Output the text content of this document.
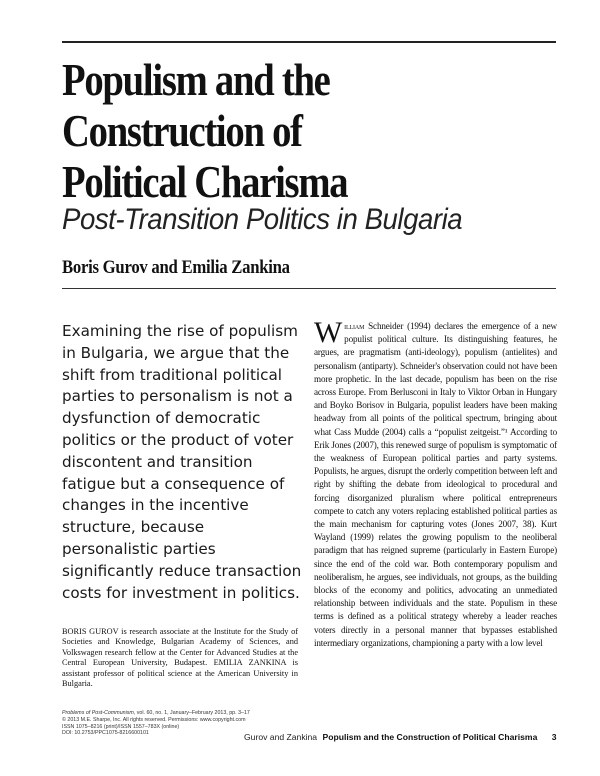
Populism and the
Construction of
Political Charisma
Post-Transition Politics in Bulgaria
Boris Gurov and Emilia Zankina

Examining the rise of populism in Bulgaria, we argue that the shift from traditional political parties to personalism is not a dysfunction of democratic politics or the product of voter discontent and transition fatigue but a consequence of changes in the incentive structure, because personalistic parties significantly reduce transaction costs for investment in politics.

BORIS GUROV is research associate at the Institute for the Study of Societies and Knowledge, Bulgarian Academy of Sciences, and Volkswagen research fellow at the Center for Advanced Studies at the Central European University, Budapest. EMILIA ZANKINA is assistant professor of political science at the American University in Bulgaria.

William Schneider (1994) declares the emergence of a new populist political culture. Its distinguishing features, he argues, are pragmatism (anti-ideology), populism (antielites) and personalism (antiparty). Schneider's observation could not have been more prophetic. In the last decade, populism has been on the rise across Europe. From Berlusconi in Italy to Viktor Orban in Hungary and Boyko Borisov in Bulgaria, populist leaders have been making headway from all points of the political spectrum, bringing about what Cass Mudde (2004) calls a “populist zeitgeist.”¹ According to Erik Jones (2007), this renewed surge of populism is symptomatic of the weakness of European political parties and party systems. Populists, he argues, disrupt the orderly competition between left and right by shifting the debate from ideological to procedural and forcing disorganized pluralism where political entrepreneurs compete to catch any voters replacing established political parties as the main mechanism for capturing votes (Jones 2007, 38). Kurt Wayland (1999) relates the growing populism to the neoliberal paradigm that has reigned supreme (particularly in Eastern Europe) since the end of the cold war. Both contemporary populism and neoliberalism, he argues, see individuals, not groups, as the building blocks of the economy and politics, advocating an unmediated relationship between individuals and the state. Populism in these terms is defined as a political strategy whereby a leader reaches voters directly in a personal manner that bypasses established intermediary organizations, championing a party with a low level

Problems of Post-Communism, vol. 60, no. 1, January–February 2013, pp. 3–17
© 2013 M.E. Sharpe, Inc. All rights reserved. Permissions: www.copyright.com
ISSN 1075–8216 (print)/ISSN 1557–783X (online)
DOI: 10.2753/PPC1075-8216600101	Gurov and Zankina Populism and the Construction of Political Charisma 3
